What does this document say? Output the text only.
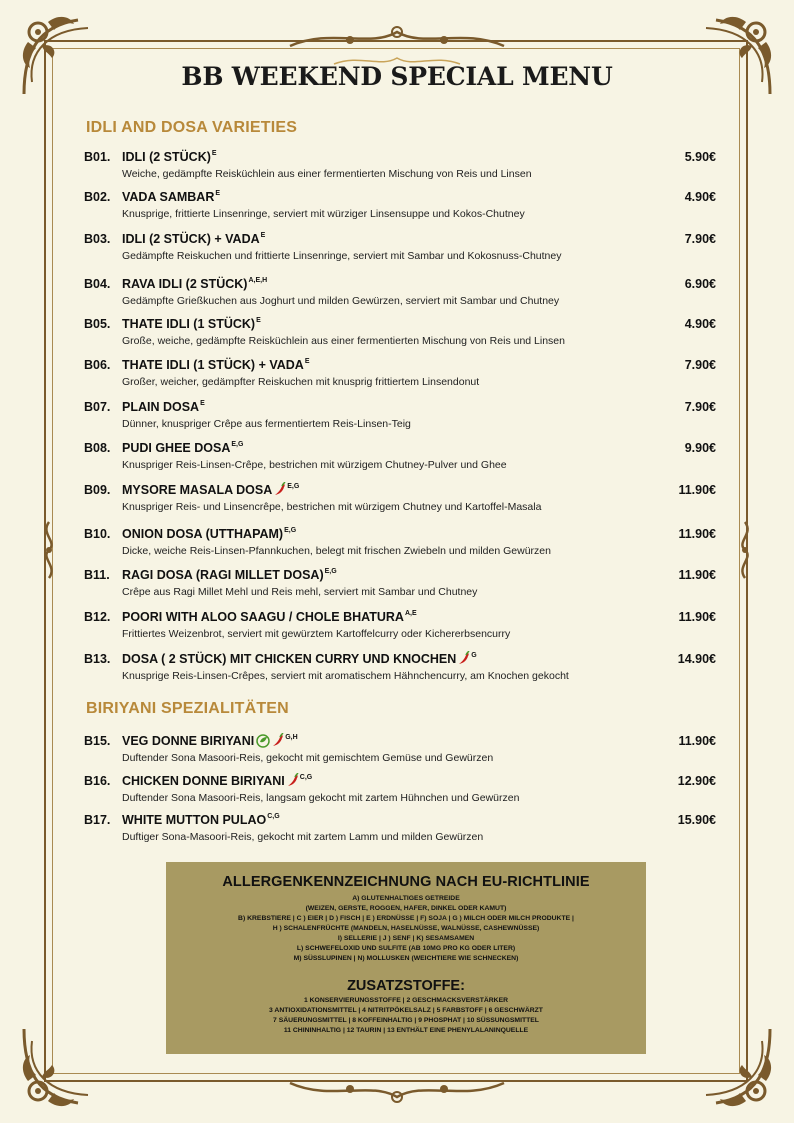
BB WEEKEND SPECIAL MENU
IDLI AND DOSA VARIETIES
B01. IDLI (2 STÜCK)$^E$	5.90€
Weiche, gedämpfte Reisküchlein aus einer fermentierten Mischung von Reis und Linsen
B02. VADA $SAMBAR^E$	4.90€
Knusprige, frittierte Linsenringe, serviert mit würziger Linsensuppe und Kokos-Chutney
B03. IDLI (2 STÜCK) + $VADA^E$	7.90€
Gedämpfte Reiskuchen und frittierte Linsenringe, serviert mit Sambar und Kokosnuss-Chutney
B04. RAVA IDLI (2 STÜCK)$^{A,E,H}$	6.90€
Gedämpfte Grießkuchen aus Joghurt und milden Gewürzen, serviert mit Sambar und Chutney
B05. THATE IDLI (1 STÜCK)$^E$	4.90€
Große, weiche, gedämpfte Reisküchlein aus einer fermentierten Mischung von Reis und Linsen
B06. THATE IDLI (1 STÜCK) + $VADA^E$	7.90€
Großer, weicher, gedämpfter Reiskuchen mit knusprig frittiertem Linsendonut
B07. PLAIN $DOSA^E$	7.90€
Dünner, knuspriger Crêpe aus fermentiertem Reis-Linsen-Teig
B08. PUDI GHEE $DOSA^{E,G}$	9.90€
Knuspriger Reis-Linsen-Crêpe, bestrichen mit würzigem Chutney-Pulver und Ghee
B09. MYSORE MASALA DOSA $^{E,G}$	11.90€
Knuspriger Reis- und Linsencrêpe, bestrichen mit würzigem Chutney und Kartoffel-Masala
B10. ONION DOSA (UTTHAPAM)$^{E,G}$	11.90€
Dicke, weiche Reis-Linsen-Pfannkuchen, belegt mit frischen Zwiebeln und milden Gewürzen
B11. RAGI DOSA (RAGI MILLET DOSA)$^{E,G}$	11.90€
Crêpe aus Ragi Millet Mehl und Reis mehl, serviert mit Sambar und Chutney
B12. POORI WITH ALOO SAAGU / CHOLE $BHATURA^{A,E}$	11.90€
Frittiertes Weizenbrot, serviert mit gewürztem Kartoffelcurry oder Kichererbsencurry
B13. DOSA ( 2 STÜCK) MIT CHICKEN CURRY UND KNOCHEN $^G$	14.90€
Knusprige Reis-Linsen-Crêpes, serviert mit aromatischem Hähnchencurry, am Knochen gekocht
BIRIYANI SPEZIALITÄTEN
B15. VEG DONNE BIRIYANI	$^{G,H}$	11.90€
Duftender Sona Masoori-Reis, gekocht mit gemischtem Gemüse und Gewürzen
B16. CHICKEN DONNE BIRIYANI $^{C,G}$	12.90€
Duftender Sona Masoori-Reis, langsam gekocht mit zartem Hühnchen und Gewürzen
B17. WHITE MUTTON $PULAO^{C,G}$	15.90€
Duftiger Sona-Masoori-Reis, gekocht mit zartem Lamm und milden Gewürzen
ALLERGENKENNZEICHNUNG NACH EU-RICHTLINIE
A) GLUTENHALTIGES GETREIDE
(WEIZEN, GERSTE, ROGGEN, HAFER, DINKEL ODER KAMUT)
B) KREBSTIERE | C ) EIER | D ) FISCH | E ) ERDNÜSSE | F) SOJA | G ) MILCH ODER MILCH PRODUKTE |
H ) SCHALENFRÜCHTE (MANDELN, HASELNÜSSE, WALNÜSSE, CASHEWNÜSSE)
I) SELLERIE | J ) SENF | K) SESAMSAMEN
L) SCHWEFELOXID UND SULFITE (AB 10MG PRO KG ODER LITER)
M) SÜSSLUPINEN | N) MOLLUSKEN (WEICHTIERE WIE SCHNECKEN)
ZUSATZSTOFFE:
1 KONSERVIERUNGSSTOFFE | 2 GESCHMACKSVERSTÄRKER
3 ANTIOXIDATIONSMITTEL | 4 NITRITPÖKELSALZ | 5 FARBSTOFF | 6 GESCHWÄRZT
7 SÄUERUNGSMITTEL | 8 KOFFEINHALTIG | 9 PHOSPHAT | 10 SÜSSUNGSMITTEL
11 CHININHALTIG | 12 TAURIN | 13 ENTHÄLT EINE PHENYLALANINQUELLE
